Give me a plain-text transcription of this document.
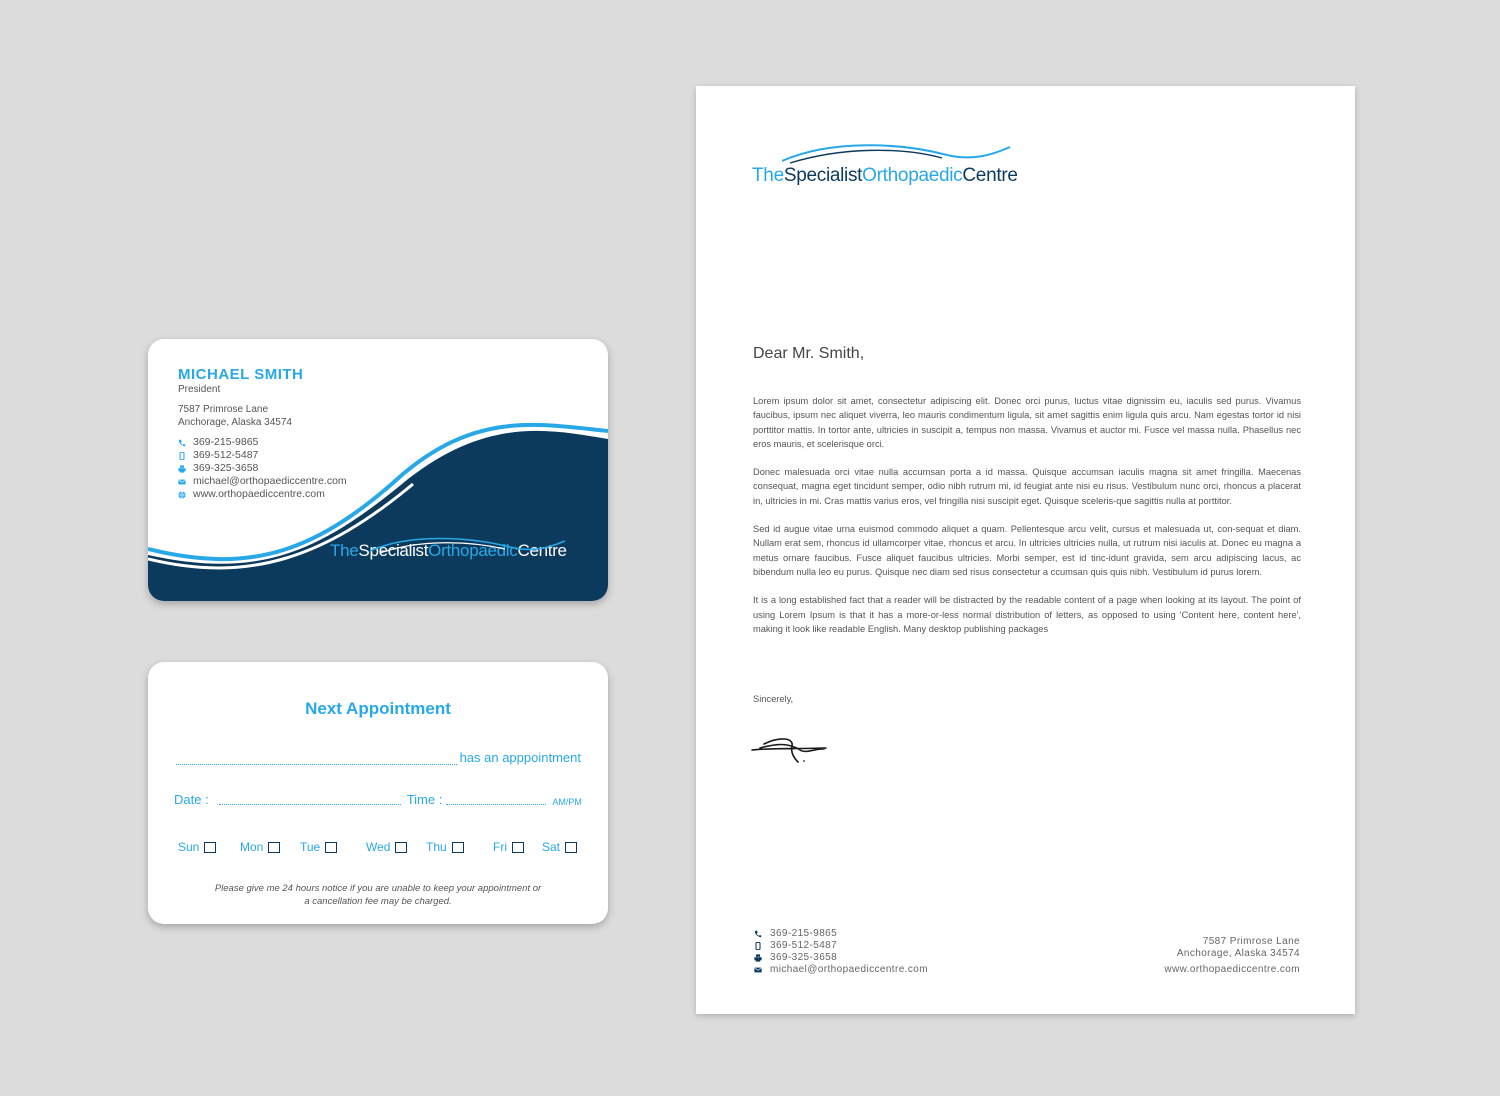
MICHAEL SMITH
President
7587 Primrose Lane
Anchorage, Alaska 34574
369-215-9865
369-512-5487
369-325-3658
michael@orthopaediccentre.com
www.orthopaediccentre.com
TheSpecialistOrthopaedicCentre
Next Appointment
has an apppointment
Date :	Time :	AM/PM
Sun	Mon	Tue	Wed	Thu	Fri	Sat
Please give me 24 hours notice if you are unable to keep your appointment or
a cancellation fee may be charged.
TheSpecialistOrthopaedicCentre
Dear Mr. Smith,

Lorem ipsum dolor sit amet, consectetur adipiscing elit. Donec orci purus, luctus vitae dignissim eu, iaculis sed purus. Vivamus faucibus, ipsum nec aliquet viverra, leo mauris condimentum ligula, sit amet sagittis enim ligula quis arcu. Nam egestas tortor id nisi porttitor mattis. In tortor ante, ultricies in suscipit a, tempus non massa. Vivamus et auctor mi. Fusce vel massa nulla. Phasellus nec eros mauris, et scelerisque orci.

Donec malesuada orci vitae nulla accumsan porta a id massa. Quisque accumsan iaculis magna sit amet fringilla. Maecenas consequat, magna eget tincidunt semper, odio nibh rutrum mi, id feugiat ante nisi eu risus. Vestibulum nunc orci, rhoncus a placerat in, ultricies in mi. Cras mattis varius eros, vel fringilla nisi suscipit eget. Quisque sceleris-que sagittis nulla at porttitor.

Sed id augue vitae urna euismod commodo aliquet a quam. Pellentesque arcu velit, cursus et malesuada ut, con-sequat et diam. Nullam erat sem, rhoncus id ullamcorper vitae, rhoncus et arcu. In ultricies ultricies nulla, ut rutrum nisi iaculis at. Donec eu magna a metus ornare faucibus. Fusce aliquet faucibus ultricies. Morbi semper, est id tinc-idunt gravida, sem arcu adipiscing lacus, ac bibendum nulla leo eu purus. Quisque nec diam sed risus consectetur a ccumsan quis quis nibh. Vestibulum id purus lorem.

It is a long established fact that a reader will be distracted by the readable content of a page when looking at its layout. The point of using Lorem Ipsum is that it has a more-or-less normal distribution of letters, as opposed to using 'Content here, content here', making it look like readable English. Many desktop publishing packages

Sincerely,
369-215-9865
369-512-5487
369-325-3658
michael@orthopaediccentre.com
7587 Primrose Lane
Anchorage, Alaska 34574
www.orthopaediccentre.com
